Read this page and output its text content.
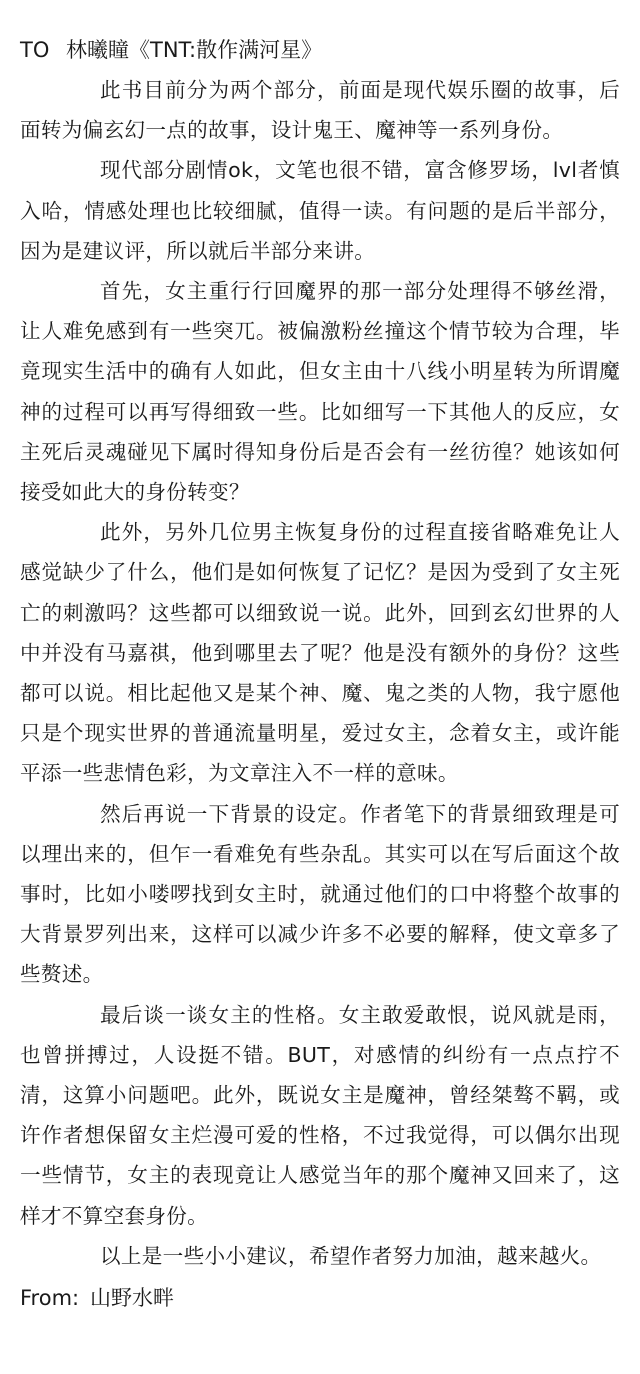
TO 林曦瞳《TNT:散作满河星》

此书目前分为两个部分，前面是现代娱乐圈的故事，后面转为偏玄幻一点的故事，设计鬼王、魔神等一系列身份。

现代部分剧情ok，文笔也很不错，富含修罗场，lvl者慎入哈，情感处理也比较细腻，值得一读。有问题的是后半部分，因为是建议评，所以就后半部分来讲。

首先，女主重行行回魔界的那一部分处理得不够丝滑，让人难免感到有一些突兀。被偏激粉丝撞这个情节较为合理，毕竟现实生活中的确有人如此，但女主由十八线小明星转为所谓魔神的过程可以再写得细致一些。比如细写一下其他人的反应，女主死后灵魂碰见下属时得知身份后是否会有一丝彷徨？她该如何接受如此大的身份转变？

此外，另外几位男主恢复身份的过程直接省略难免让人感觉缺少了什么，他们是如何恢复了记忆？是因为受到了女主死亡的刺激吗？这些都可以细致说一说。此外，回到玄幻世界的人中并没有马嘉祺，他到哪里去了呢？他是没有额外的身份？这些都可以说。相比起他又是某个神、魔、鬼之类的人物，我宁愿他只是个现实世界的普通流量明星，爱过女主，念着女主，或许能平添一些悲情色彩，为文章注入不一样的意味。

然后再说一下背景的设定。作者笔下的背景细致理是可以理出来的，但乍一看难免有些杂乱。其实可以在写后面这个故事时，比如小喽啰找到女主时，就通过他们的口中将整个故事的大背景罗列出来，这样可以减少许多不必要的解释，使文章多了些赘述。

最后谈一谈女主的性格。女主敢爱敢恨，说风就是雨，也曾拼搏过，人设挺不错。BUT，对感情的纠纷有一点点拧不清，这算小问题吧。此外，既说女主是魔神，曾经桀骜不羁，或许作者想保留女主烂漫可爱的性格，不过我觉得，可以偶尔出现一些情节，女主的表现竟让人感觉当年的那个魔神又回来了，这样才不算空套身份。

以上是一些小小建议，希望作者努力加油，越来越火。

From: 山野水畔
